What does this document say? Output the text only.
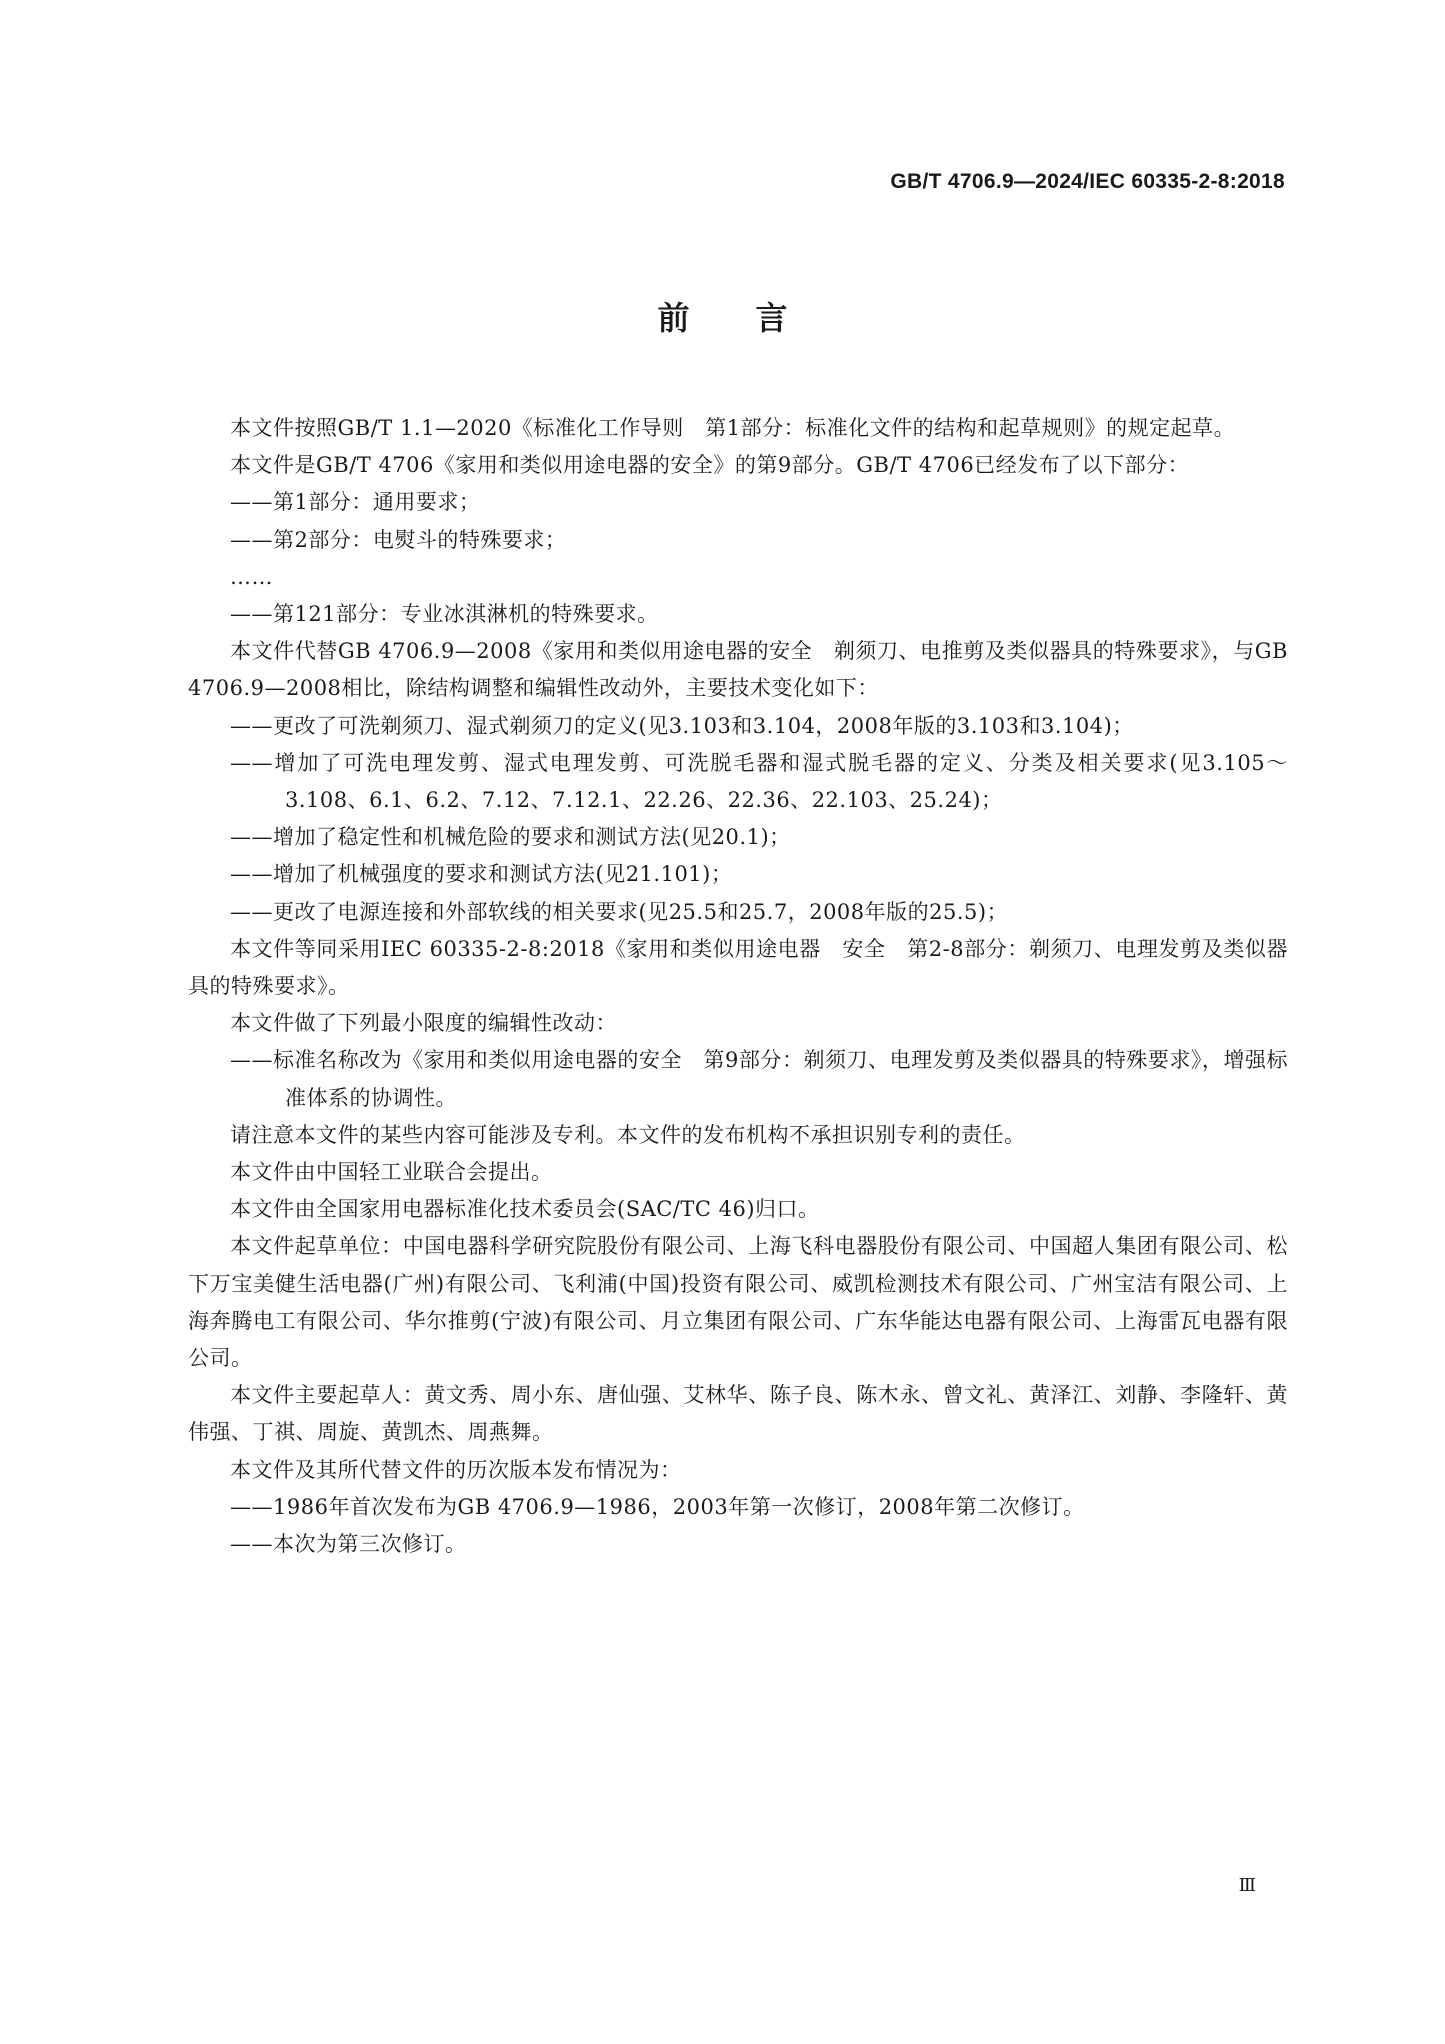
GB/T 4706.9—2024/IEC 60335-2-8:2018
前言

本文件按照GB/T 1.1—2020《标准化工作导则　第1部分：标准化文件的结构和起草规则》的规定起草。

本文件是GB/T 4706《家用和类似用途电器的安全》的第9部分。GB/T 4706已经发布了以下部分：

——第1部分：通用要求；

——第2部分：电熨斗的特殊要求；

……

——第121部分：专业冰淇淋机的特殊要求。

本文件代替GB 4706.9—2008《家用和类似用途电器的安全　剃须刀、电推剪及类似器具的特殊要求》，与GB 4706.9—2008相比，除结构调整和编辑性改动外，主要技术变化如下：

——更改了可洗剃须刀、湿式剃须刀的定义(见3.103和3.104，2008年版的3.103和3.104)；

——增加了可洗电理发剪、湿式电理发剪、可洗脱毛器和湿式脱毛器的定义、分类及相关要求(见3.105～3.108、6.1、6.2、7.12、7.12.1、22.26、22.36、22.103、25.24)；

——增加了稳定性和机械危险的要求和测试方法(见20.1)；

——增加了机械强度的要求和测试方法(见21.101)；

——更改了电源连接和外部软线的相关要求(见25.5和25.7，2008年版的25.5)；

本文件等同采用IEC 60335-2-8:2018《家用和类似用途电器　安全　第2-8部分：剃须刀、电理发剪及类似器具的特殊要求》。

本文件做了下列最小限度的编辑性改动：

——标准名称改为《家用和类似用途电器的安全　第9部分：剃须刀、电理发剪及类似器具的特殊要求》，增强标准体系的协调性。

请注意本文件的某些内容可能涉及专利。本文件的发布机构不承担识别专利的责任。

本文件由中国轻工业联合会提出。

本文件由全国家用电器标准化技术委员会(SAC/TC 46)归口。

本文件起草单位：中国电器科学研究院股份有限公司、上海飞科电器股份有限公司、中国超人集团有限公司、松下万宝美健生活电器(广州)有限公司、飞利浦(中国)投资有限公司、威凯检测技术有限公司、广州宝洁有限公司、上海奔腾电工有限公司、华尔推剪(宁波)有限公司、月立集团有限公司、广东华能达电器有限公司、上海雷瓦电器有限公司。

本文件主要起草人：黄文秀、周小东、唐仙强、艾林华、陈子良、陈木永、曾文礼、黄泽江、刘静、李隆轩、黄伟强、丁祺、周旋、黄凯杰、周燕舞。

本文件及其所代替文件的历次版本发布情况为：

——1986年首次发布为GB 4706.9—1986，2003年第一次修订，2008年第二次修订。

——本次为第三次修订。

Ⅲ
